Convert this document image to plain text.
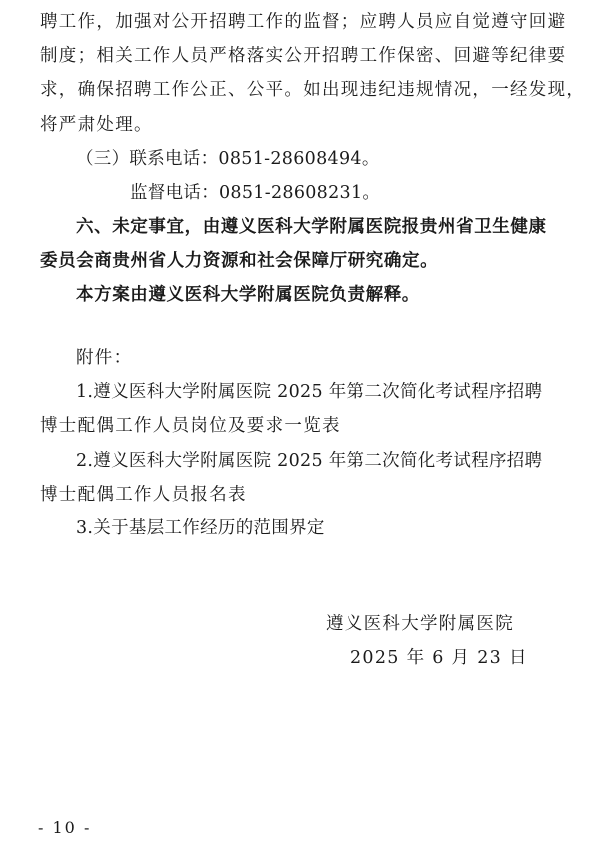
聘工作，加强对公开招聘工作的监督；应聘人员应自觉遵守回避
制度；相关工作人员严格落实公开招聘工作保密、回避等纪律要
求，确保招聘工作公正、公平。如出现违纪违规情况，一经发现，
将严肃处理。
（三）联系电话：0851-28608494。
监督电话：0851-28608231。
六、未定事宜，由遵义医科大学附属医院报贵州省卫生健康
委员会商贵州省人力资源和社会保障厅研究确定。
本方案由遵义医科大学附属医院负责解释。
附件：
1.遵义医科大学附属医院 2025 年第二次简化考试程序招聘
博士配偶工作人员岗位及要求一览表
2.遵义医科大学附属医院 2025 年第二次简化考试程序招聘
博士配偶工作人员报名表
3.关于基层工作经历的范围界定
遵义医科大学附属医院
2025 年 6 月 23 日
- 10 -
